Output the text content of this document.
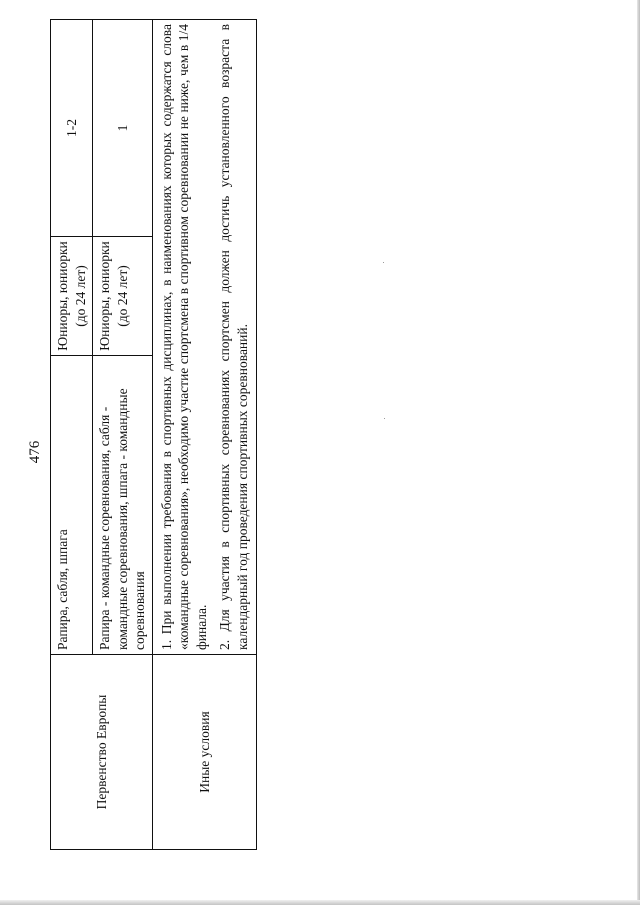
476
Первенство Европы	Рапира, сабля, шпага	Юниоры, юниорки (до 24 лет)	1-2
	Рапира - командные соревнования, сабля - командные соревнования, шпага - командные соревнования	Юниоры, юниорки (до 24 лет)	1
Иные условия	1. При выполнении требования в спортивных дисциплинах, в наименованиях которых содержатся слова «командные соревнования», необходимо участие спортсмена в спортивном соревновании не ниже, чем в 1/4 финала. 2. Для участия в спортивных соревнованиях спортсмен должен достичь установленного возраста в календарный год проведения спортивных соревнований.		
